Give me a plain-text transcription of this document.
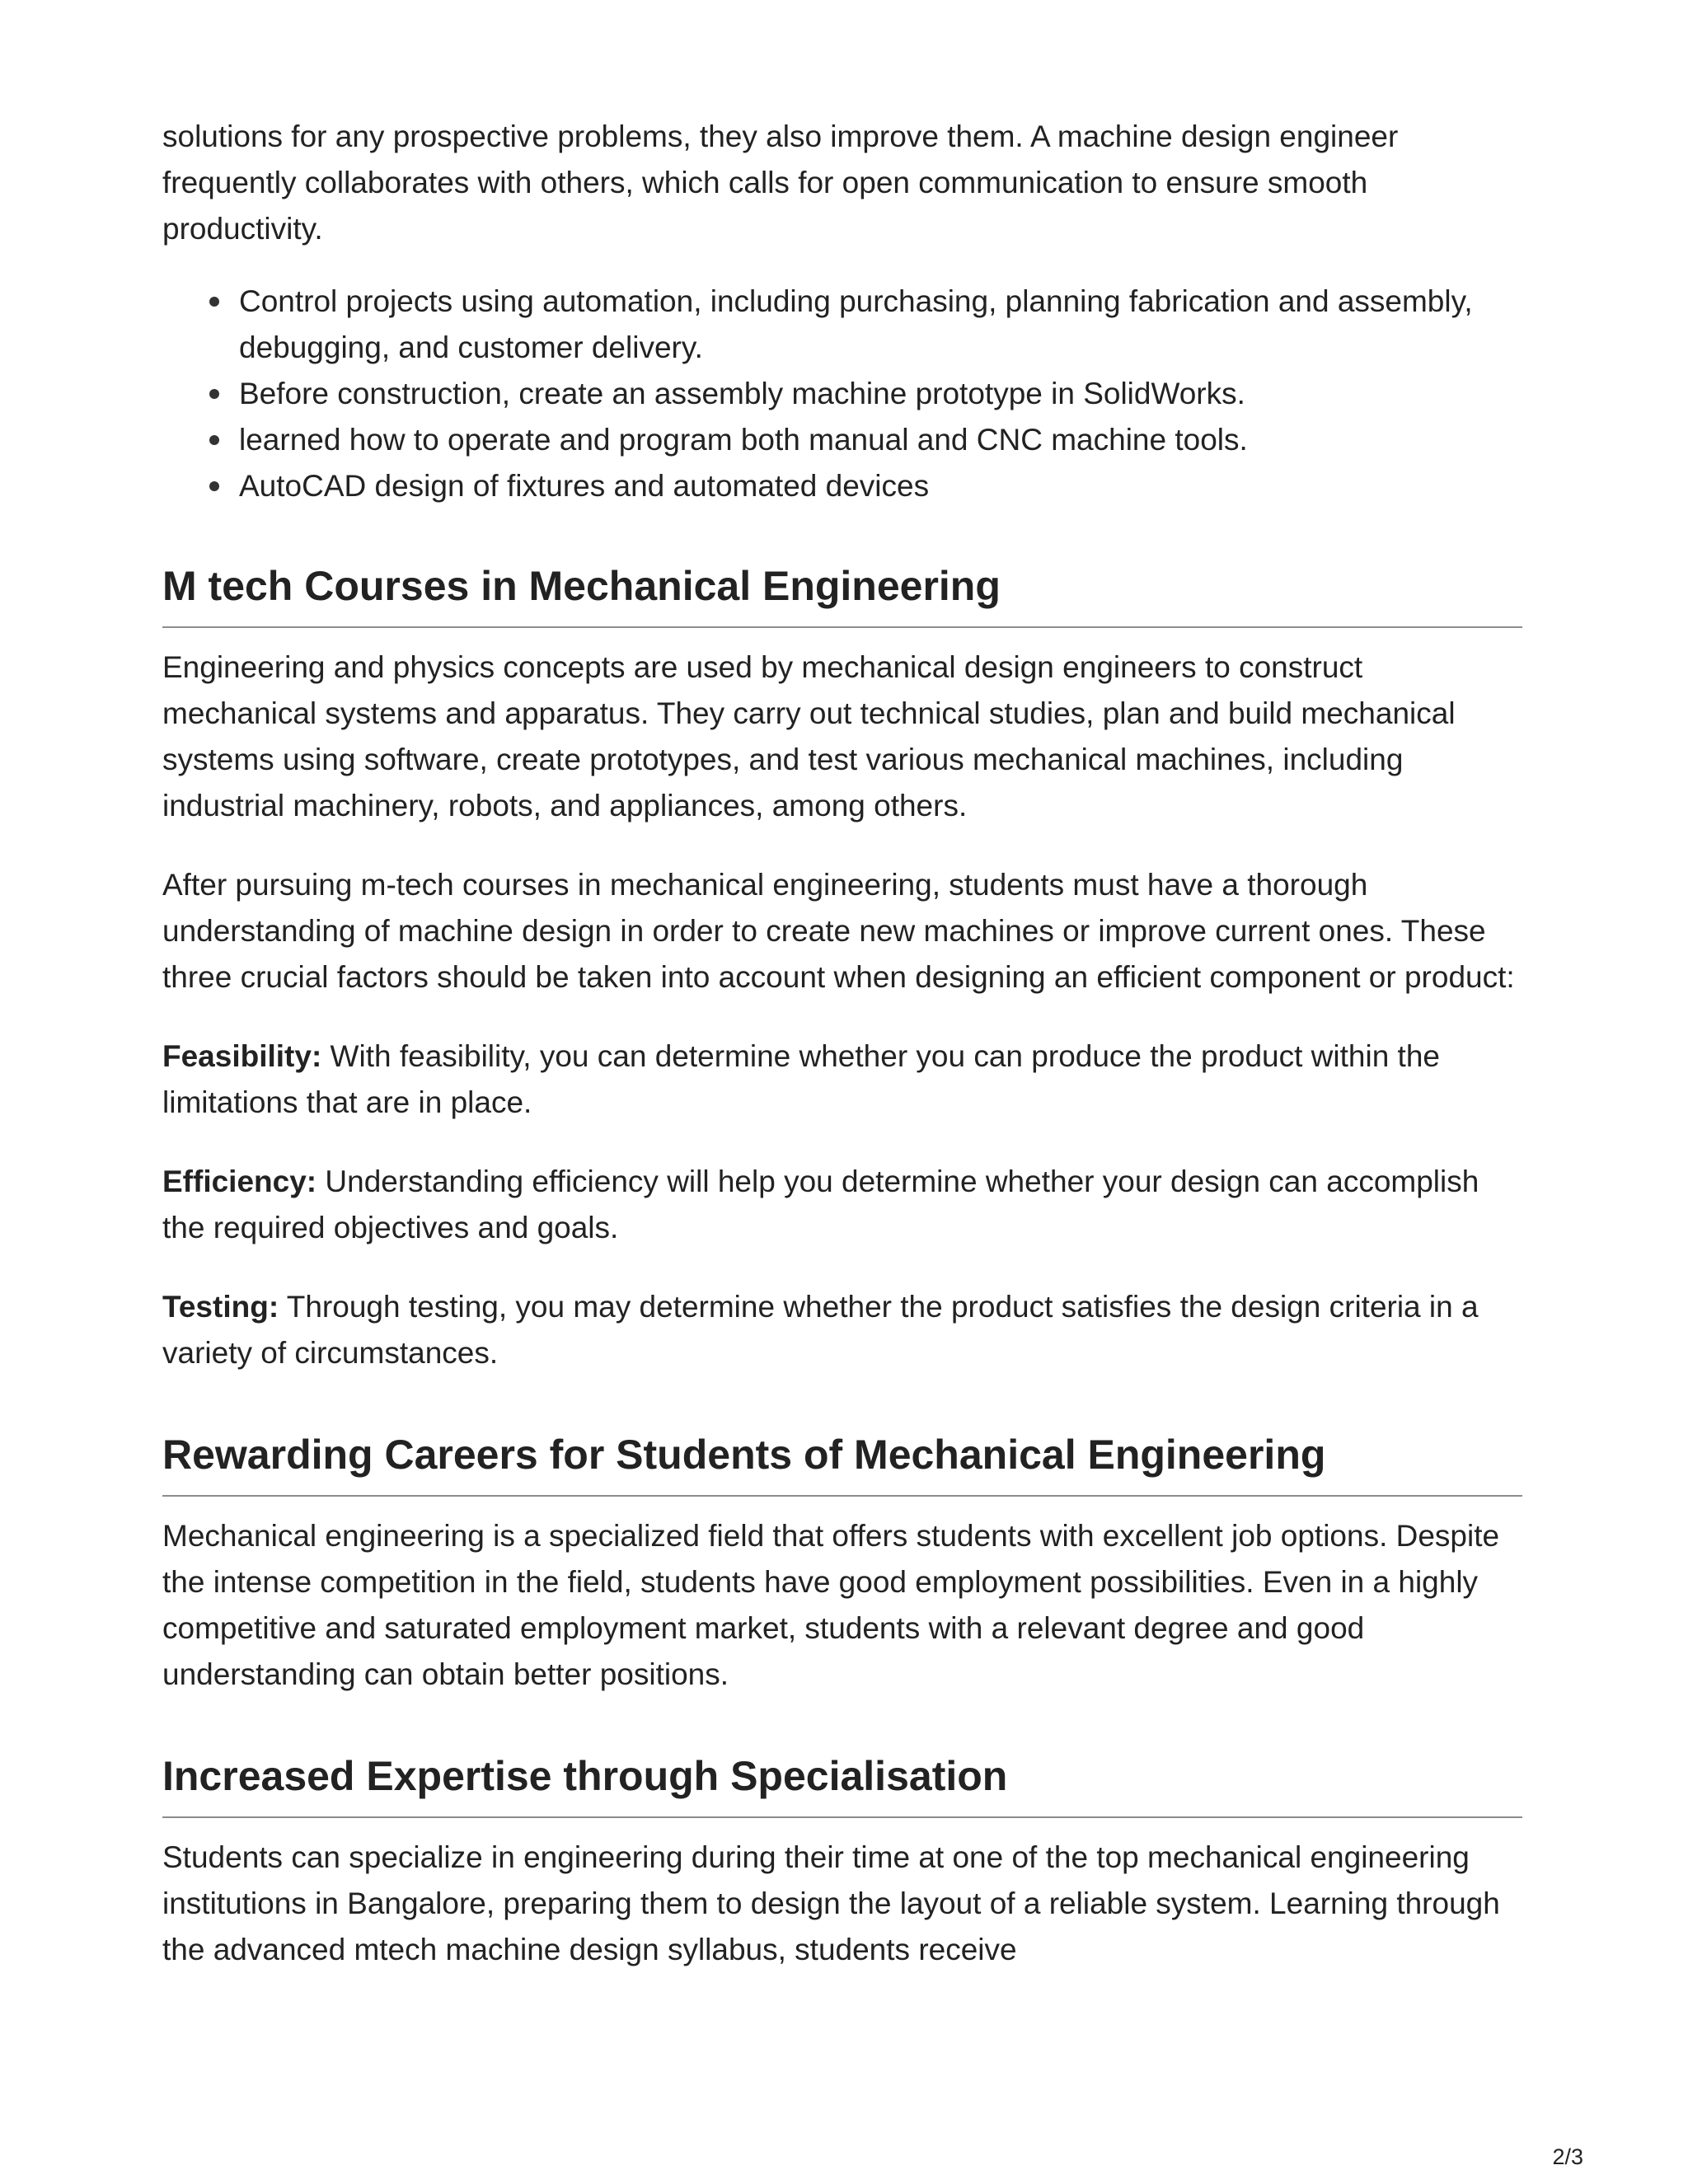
solutions for any prospective problems, they also improve them. A machine design engineer frequently collaborates with others, which calls for open communication to ensure smooth productivity.

Control projects using automation, including purchasing, planning fabrication and assembly, debugging, and customer delivery.
Before construction, create an assembly machine prototype in SolidWorks.
learned how to operate and program both manual and CNC machine tools.
AutoCAD design of fixtures and automated devices
M tech Courses in Mechanical Engineering

Engineering and physics concepts are used by mechanical design engineers to construct mechanical systems and apparatus. They carry out technical studies, plan and build mechanical systems using software, create prototypes, and test various mechanical machines, including industrial machinery, robots, and appliances, among others.

After pursuing m-tech courses in mechanical engineering, students must have a thorough understanding of machine design in order to create new machines or improve current ones. These three crucial factors should be taken into account when designing an efficient component or product:

Feasibility: With feasibility, you can determine whether you can produce the product within the limitations that are in place.

Efficiency: Understanding efficiency will help you determine whether your design can accomplish the required objectives and goals.

Testing: Through testing, you may determine whether the product satisfies the design criteria in a variety of circumstances.

Rewarding Careers for Students of Mechanical Engineering

Mechanical engineering is a specialized field that offers students with excellent job options. Despite the intense competition in the field, students have good employment possibilities. Even in a highly competitive and saturated employment market, students with a relevant degree and good understanding can obtain better positions.

Increased Expertise through Specialisation

Students can specialize in engineering during their time at one of the top mechanical engineering institutions in Bangalore, preparing them to design the layout of a reliable system. Learning through the advanced mtech machine design syllabus, students receive

2/3
